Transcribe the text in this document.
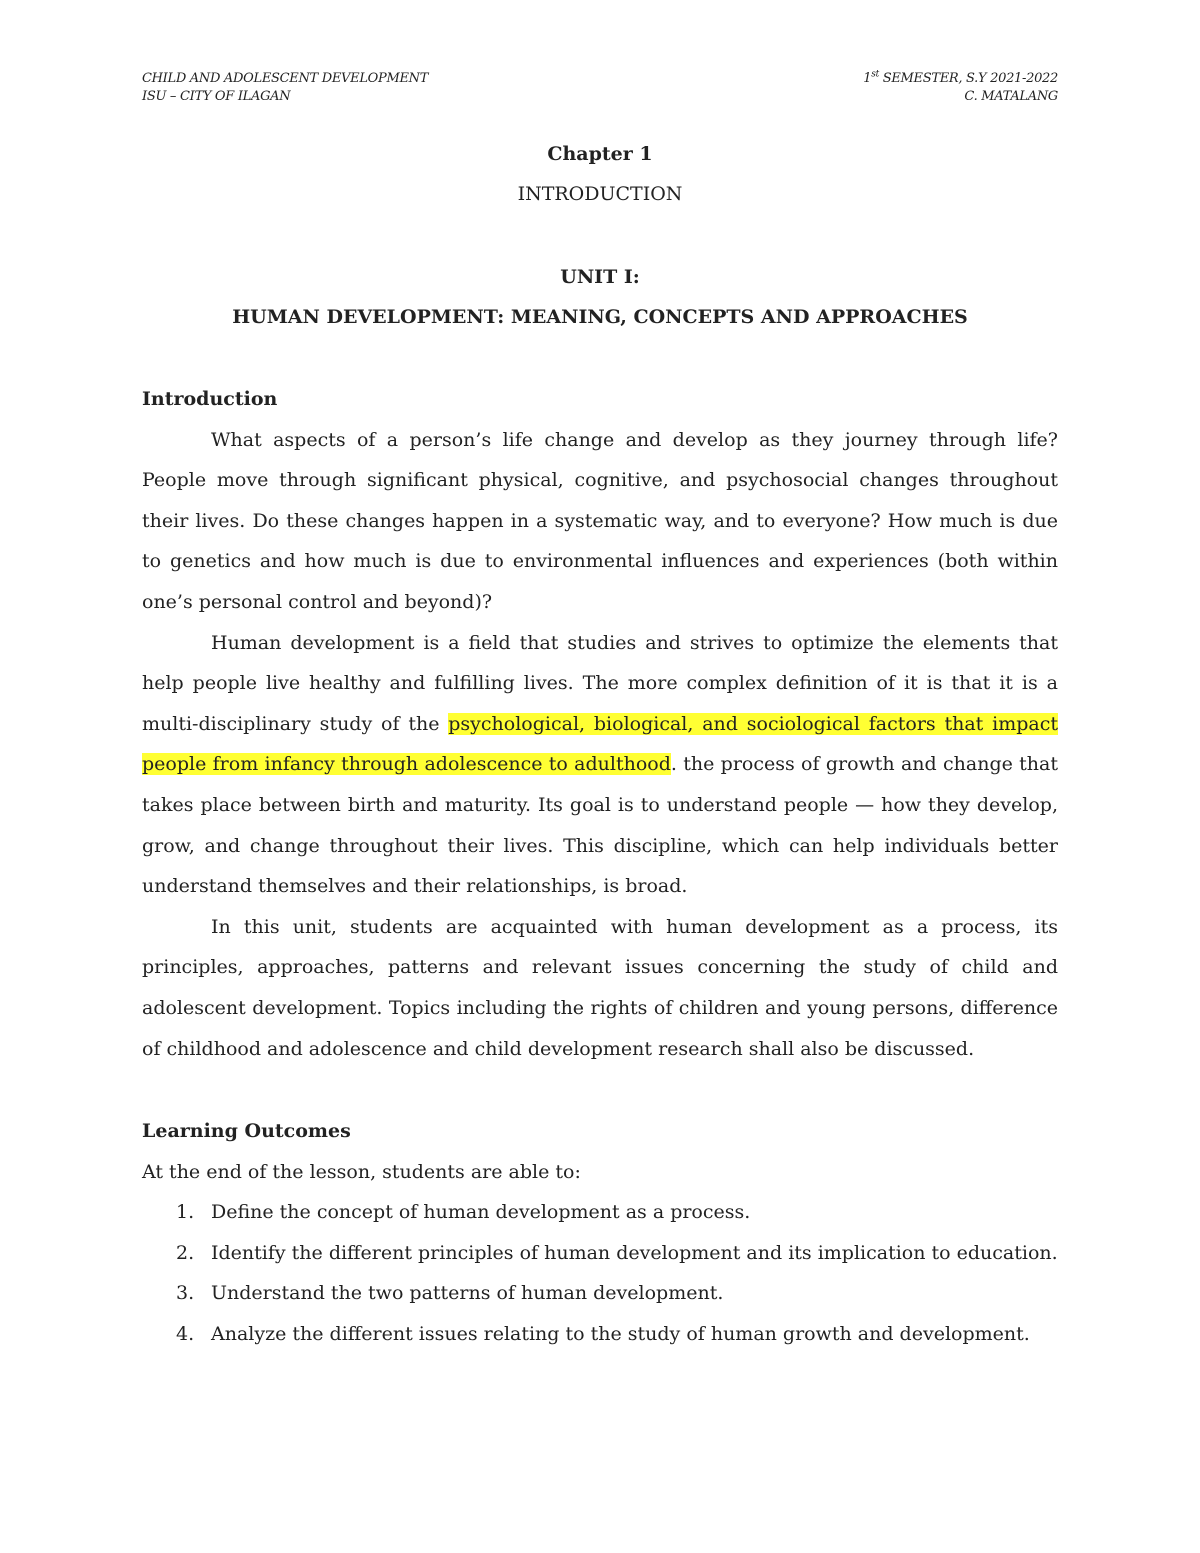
CHILD AND ADOLESCENT DEVELOPMENT
ISU – CITY OF ILAGAN
1st SEMESTER, S.Y 2021-2022
C. MATALANG
Chapter 1
INTRODUCTION
UNIT I:
HUMAN DEVELOPMENT: MEANING, CONCEPTS AND APPROACHES
Introduction

What aspects of a person’s life change and develop as they journey through life? People move through significant physical, cognitive, and psychosocial changes throughout their lives. Do these changes happen in a systematic way, and to everyone? How much is due to genetics and how much is due to environmental influences and experiences (both within one’s personal control and beyond)?

Human development is a field that studies and strives to optimize the elements that help people live healthy and fulfilling lives. The more complex definition of it is that it is a multi-disciplinary study of the psychological, biological, and sociological factors that impact people from infancy through adolescence to adulthood. the process of growth and change that takes place between birth and maturity. Its goal is to understand people — how they develop, grow, and change throughout their lives. This discipline, which can help individuals better understand themselves and their relationships, is broad.

In this unit, students are acquainted with human development as a process, its principles, approaches, patterns and relevant issues concerning the study of child and adolescent development. Topics including the rights of children and young persons, difference of childhood and adolescence and child development research shall also be discussed.

Learning Outcomes

At the end of the lesson, students are able to:

1. Define the concept of human development as a process.
2. Identify the different principles of human development and its implication to education.
3. Understand the two patterns of human development.
4. Analyze the different issues relating to the study of human growth and development.
